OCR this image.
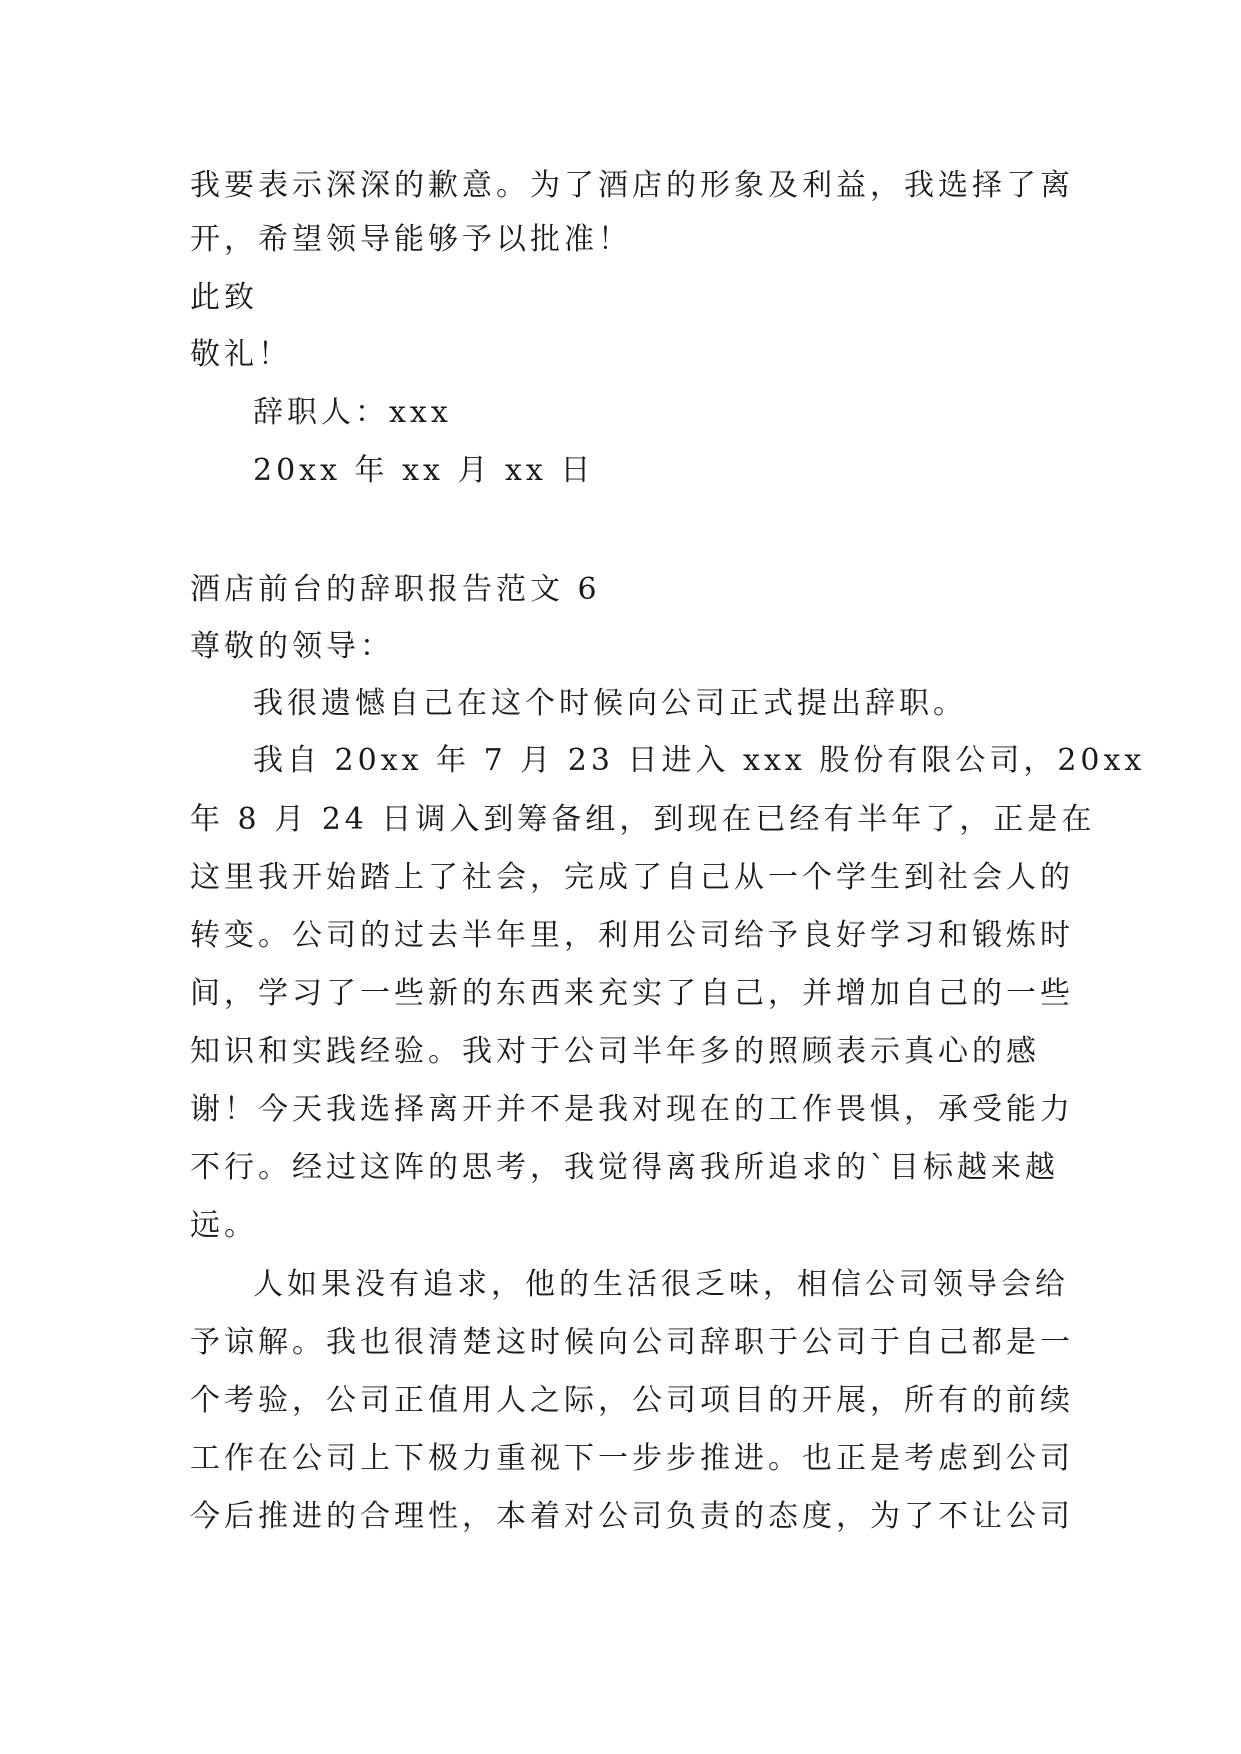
我要表示深深的歉意。为了酒店的形象及利益，我选择了离
开，希望领导能够予以批准！
此致
敬礼！
辞职人：xxx
20xx 年 xx 月 xx 日
酒店前台的辞职报告范文 6
尊敬的领导：
我很遗憾自己在这个时候向公司正式提出辞职。
我自 20xx 年 7 月 23 日进入 xxx 股份有限公司，20xx
年 8 月 24 日调入到筹备组，到现在已经有半年了，正是在
这里我开始踏上了社会，完成了自己从一个学生到社会人的
转变。公司的过去半年里，利用公司给予良好学习和锻炼时
间，学习了一些新的东西来充实了自己，并增加自己的一些
知识和实践经验。我对于公司半年多的照顾表示真心的感
谢！今天我选择离开并不是我对现在的工作畏惧，承受能力
不行。经过这阵的思考，我觉得离我所追求的`目标越来越
远。
人如果没有追求，他的生活很乏味，相信公司领导会给
予谅解。我也很清楚这时候向公司辞职于公司于自己都是一
个考验，公司正值用人之际，公司项目的开展，所有的前续
工作在公司上下极力重视下一步步推进。也正是考虑到公司
今后推进的合理性，本着对公司负责的态度，为了不让公司
